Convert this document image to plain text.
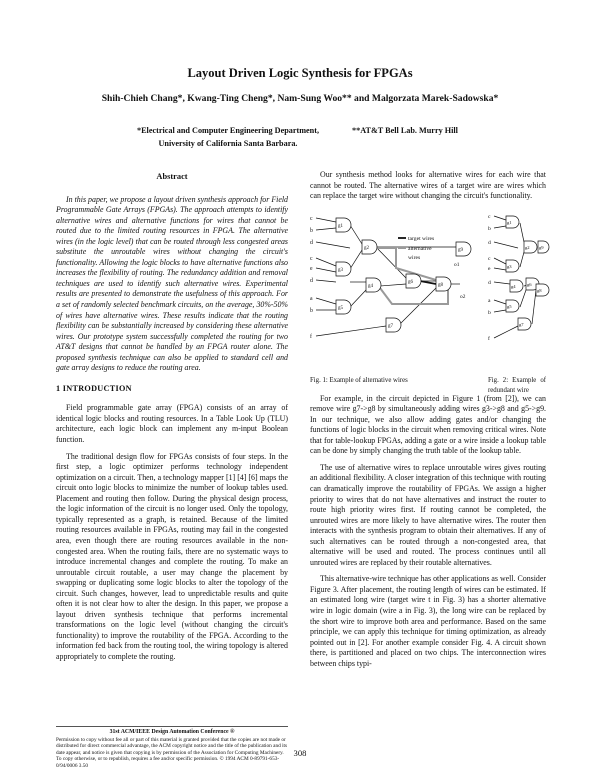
Layout Driven Logic Synthesis for FPGAs
Shih-Chieh Chang*, Kwang-Ting Cheng*, Nam-Sung Woo** and Malgorzata Marek-Sadowska*
*Electrical and Computer Engineering Department,
University of California Santa Barbara.
**AT&T Bell Lab. Murry Hill
Abstract

In this paper, we propose a layout driven synthesis approach for Field Programmable Gate Arrays (FPGAs). The approach attempts to identify alternative wires and alternative functions for wires that cannot be routed due to the limited routing resources in FPGA. The alternative wires (in the logic level) that can be routed through less congested areas substitute the unroutable wires without changing the circuit's functionality. Allowing the logic blocks to have alternative functions also increases the flexibility of routing. The redundancy addition and removal techniques are used to identify such alternative wires. Experimental results are presented to demonstrate the usefulness of this approach. For a set of randomly selected benchmark circuits, on the average, 30%-50% of wires have alternative wires. These results indicate that the routing flexibility can be substantially increased by considering these alternative wires. Our prototype system successfully completed the routing for two AT&T designs that cannot be handled by an FPGA router alone. The proposed synthesis technique can also be applied to standard cell and gate array designs to reduce the routing area.

1 INTRODUCTION

Field programmable gate array (FPGA) consists of an array of identical logic blocks and routing resources. In a Table Look Up (TLU) architecture, each logic block can implement any m-input Boolean function.

The traditional design flow for FPGAs consists of four steps. In the first step, a logic optimizer performs technology independent optimization on a circuit. Then, a technology mapper [1] [4] [6] maps the circuit onto logic blocks to minimize the number of lookup tables used. Placement and routing then follow. During the physical design process, the logic information of the circuit is no longer used. Only the topology, typically represented as a graph, is retained. Because of the limited routing resources available in FPGAs, routing may fail in the congested area, even though there are routing resources available in the non-congested area. When the routing fails, there are no systematic ways to introduce incremental changes and complete the routing. To make an unroutable circuit routable, a user may change the placement by swapping or duplicating some logic blocks to alter the topology of the circuit. Such changes, however, lead to unpredictable results and quite often it is not clear how to alter the design. In this paper, we propose a layout driven synthesis technique that performs incremental transformations on the logic level (without changing the circuit's functionality) to improve the routability of the FPGA. According to the information fed back from the routing tool, the wiring topology is altered appropriately to complete the routing.

Our synthesis method looks for alternative wires for each wire that cannot be routed. The alternative wires of a target wire are wires which can replace the target wire without changing the circuit's functionality.

c
b
d
c
e
d
a
b
f
g1
g2
g3
g4
g5
g6
g7
g8
g9
target wires
alternative
wires
o1
o2
c
b
d
c
e
d
a
b
f
g1
g2
g3
g4
g5
g6
g7
g8
g9
Fig. 1: Example of alternative wires	Fig. 2: Example of redundant wire

For example, in the circuit depicted in Figure 1 (from [2]), we can remove wire g7->g8 by simultaneously adding wires g3->g8 and g5->g9. In our technique, we also allow adding gates and/or changing the functions of logic blocks in the circuit when removing critical wires. Note that for table-lookup FPGAs, adding a gate or a wire inside a lookup table can be done by simply changing the truth table of the lookup table.

The use of alternative wires to replace unroutable wires gives routing an additional flexibility. A closer integration of this technique with routing can dramatically improve the routability of FPGAs. We assign a higher priority to wires that do not have alternatives and instruct the router to route high priority wires first. If routing cannot be completed, the unrouted wires are more likely to have alternative wires. The router then interacts with the synthesis program to obtain their alternatives. If any of such alternatives can be routed through a non-congested area, that alternative will be used and routed. The process continues until all unrouted wires are replaced by their routable alternatives.

This alternative-wire technique has other applications as well. Consider Figure 3. After placement, the routing length of wires can be estimated. If an estimated long wire (target wire t in Fig. 3) has a shorter alternative wire in logic domain (wire a in Fig. 3), the long wire can be replaced by the short wire to improve both area and performance. Based on the same principle, we can apply this technique for timing optimization, as already pointed out in [2]. For another example consider Fig. 4. A circuit shown there, is partitioned and placed on two chips. The interconnection wires between chips typi-

31st ACM/IEEE Design Automation Conference ®
Permission to copy without fee all or part of this material is granted provided that the copies are not made or distributed for direct commercial advantage, the ACM copyright notice and the title of the publication and its date appear, and notice is given that copying is by permission of the Association for Computing Machinery. To copy otherwise, or to republish, requires a fee and/or specific permission. © 1994 ACM 0-89791-653-0/94/0006 3.50
308
